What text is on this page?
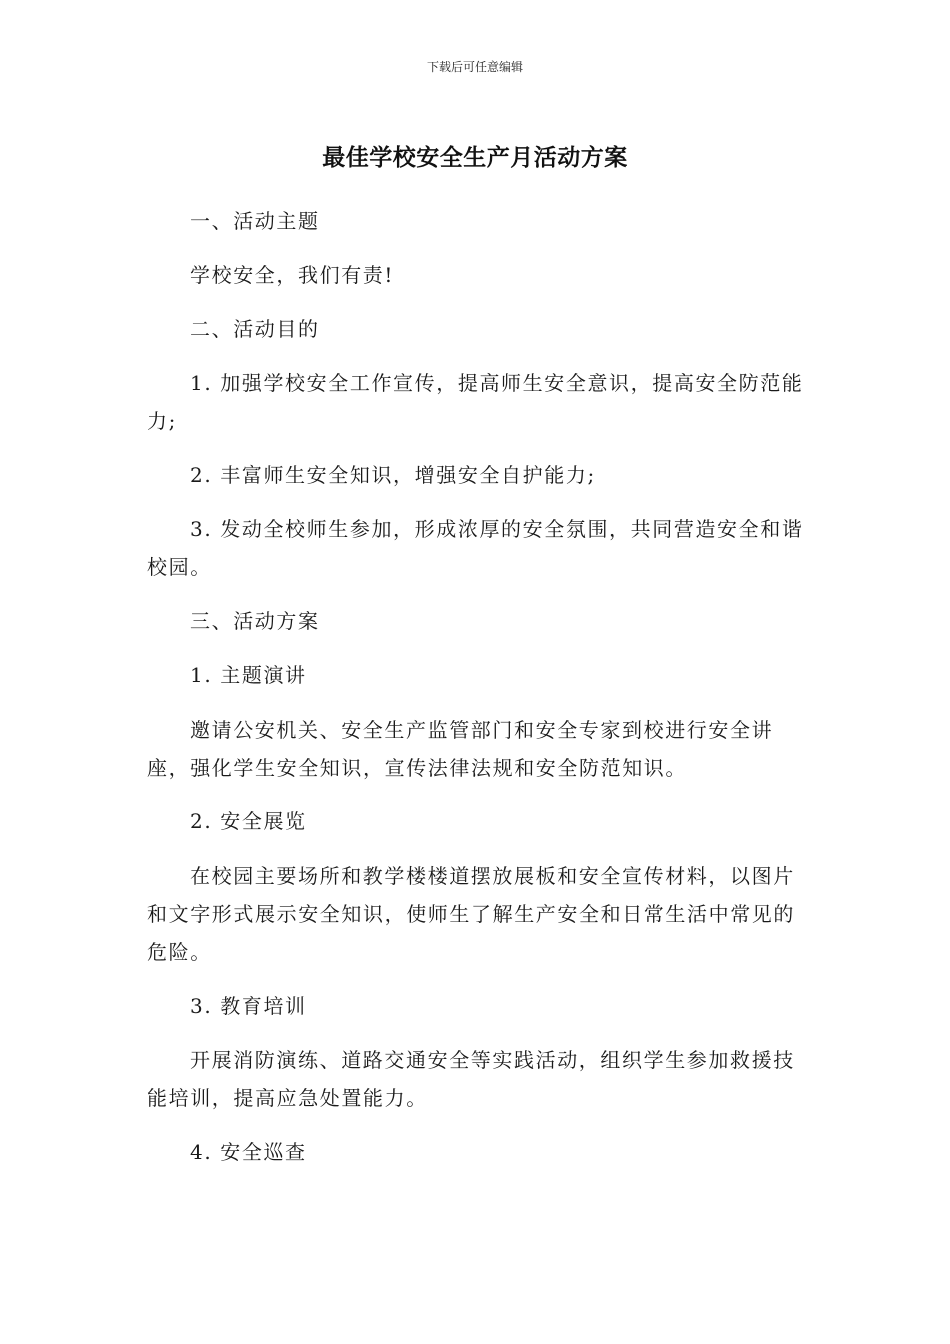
下载后可任意编辑
最佳学校安全生产月活动方案

一、活动主题

学校安全，我们有责!

二、活动目的

1. 加强学校安全工作宣传，提高师生安全意识，提高安全防范能力;

2. 丰富师生安全知识，增强安全自护能力;

3. 发动全校师生参加，形成浓厚的安全氛围，共同营造安全和谐校园。

三、活动方案

1. 主题演讲

邀请公安机关、安全生产监管部门和安全专家到校进行安全讲座，强化学生安全知识，宣传法律法规和安全防范知识。

2. 安全展览

在校园主要场所和教学楼楼道摆放展板和安全宣传材料，以图片和文字形式展示安全知识，使师生了解生产安全和日常生活中常见的危险。

3. 教育培训

开展消防演练、道路交通安全等实践活动，组织学生参加救援技能培训，提高应急处置能力。

4. 安全巡查
